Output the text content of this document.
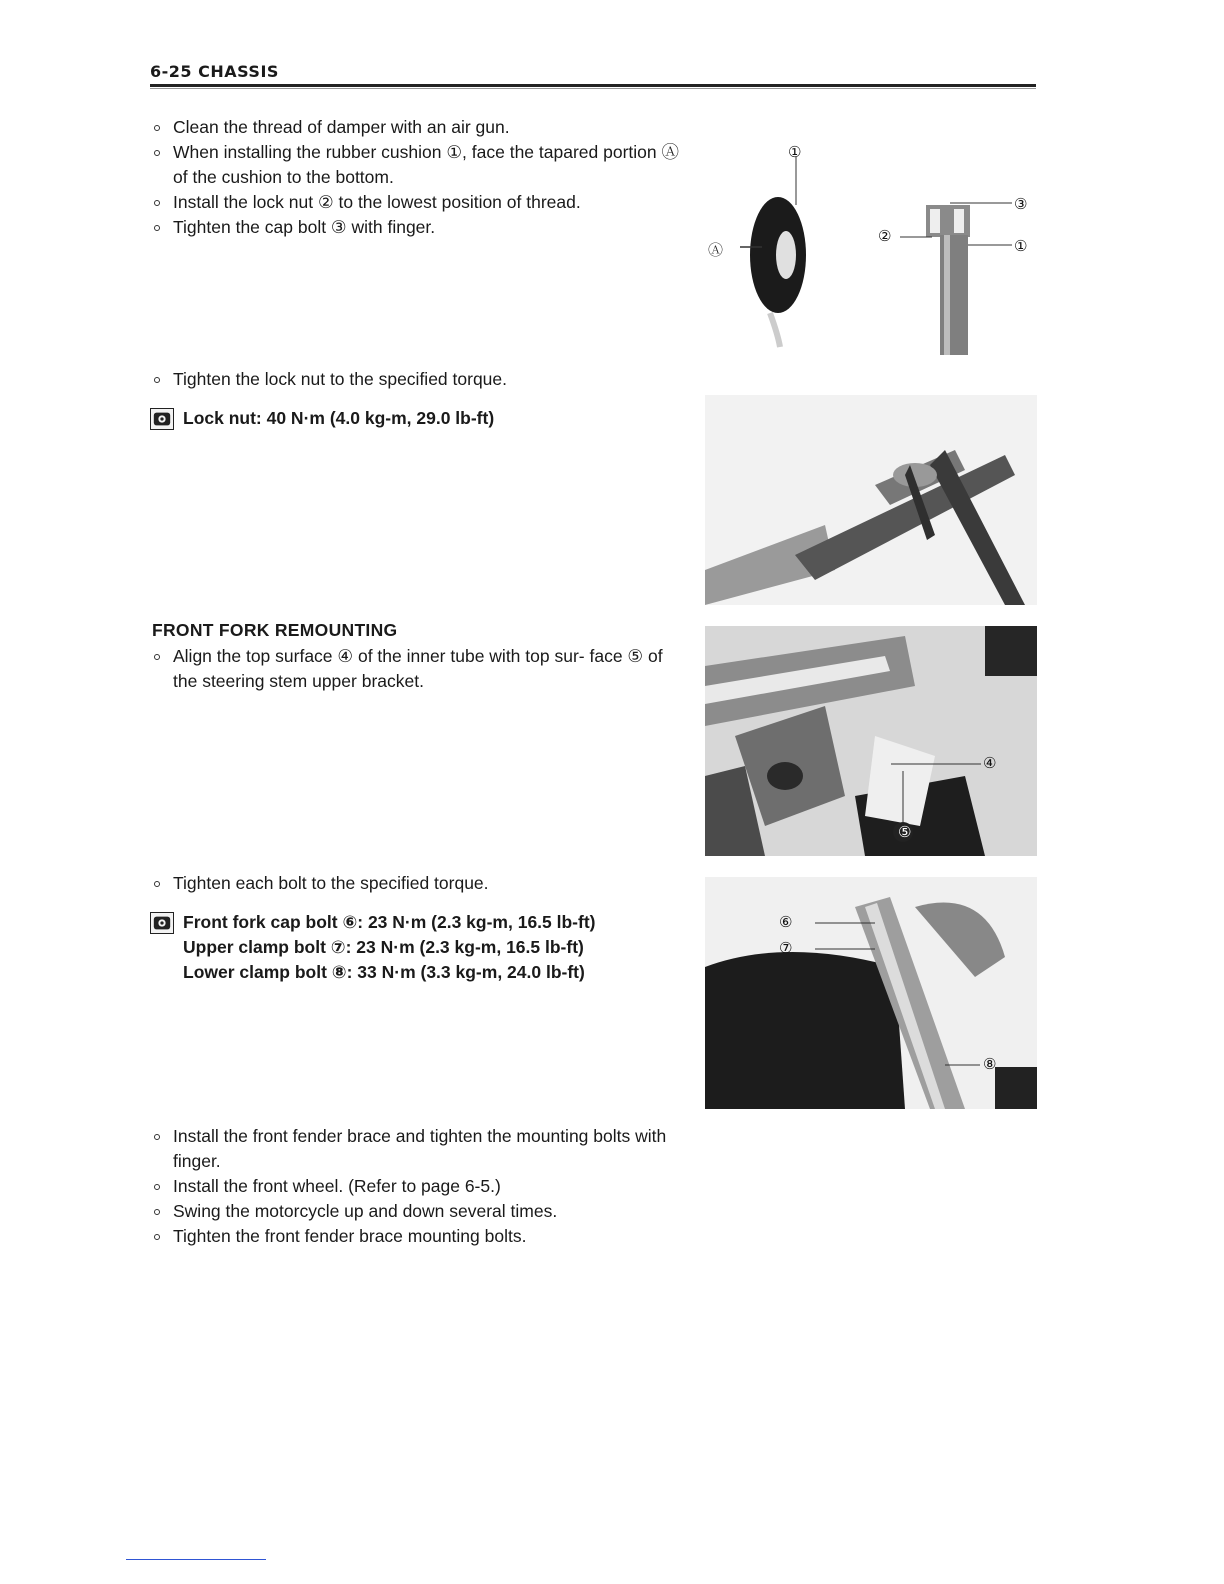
6-25 CHASSIS
Clean the thread of damper with an air gun.
When installing the rubber cushion ①, face the tapared portion Ⓐ of the cushion to the bottom.
Install the lock nut ② to the lowest position of thread.
Tighten the cap bolt ③ with finger.
Tighten the lock nut to the specified torque.
Lock nut: 40 N·m (4.0 kg-m, 29.0 lb-ft)
FRONT FORK REMOUNTING
Align the top surface ④ of the inner tube with top sur- face ⑤ of the steering stem upper bracket.
Tighten each bolt to the specified torque.
Front fork cap bolt ⑥: 23 N·m (2.3 kg-m, 16.5 lb-ft)
Upper clamp bolt ⑦: 23 N·m (2.3 kg-m, 16.5 lb-ft)
Lower clamp bolt ⑧: 33 N·m (3.3 kg-m, 24.0 lb-ft)
Install the front fender brace and tighten the mounting bolts with finger.
Install the front wheel. (Refer to page 6-5.)
Swing the motorcycle up and down several times.
Tighten the front fender brace mounting bolts.
①
Ⓐ
②
③
①
④
⑤
⑥
⑦
⑧
